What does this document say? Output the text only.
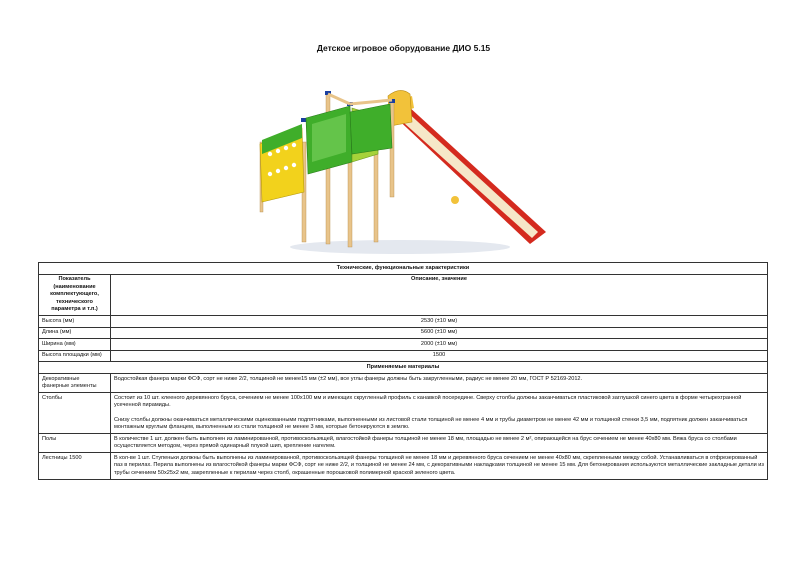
Детское игровое оборудование ДИО 5.15
Технические, функциональные характеристики	
Показатель (наименование комплектующего, технического параметра и т.п.)	Описание, значение
Высота (мм)	2530 (±10 мм)
Длина (мм)	5600 (±10 мм)
Ширина (мм)	2000 (±10 мм)
Высота площадки (мм)	1500
Применяемые материалы	
Декоративные фанерные элементы	Водостойкая фанера марки ФСФ, сорт не ниже 2/2, толщиной не менее15 мм (±2 мм), все углы фанеры должны быть закругленными, радиус не менее 20 мм, ГОСТ Р 52169-2012.
Столбы	Состоит из 10 шт. клееного деревянного бруса, сечением не менее 100х100 мм и имеющих скругленный профиль с канавкой посередине. Сверху столбы должны заканчиваться пластиковой заглушкой синего цвета в форме четырехгранной усеченной пирамиды.
Снизу столбы должны оканчиваться металлическими оцинкованными подпятниками, выполненными из листовой стали толщиной не менее 4 мм и трубы диаметром не менее 42 мм и толщиной стенки 3,5 мм, подпятник должен заканчиваться монтажным круглым фланцем, выполненным из стали толщиной не менее 3 мм, которые бетонируются в землю.
Полы	В количестве 1 шт. должен быть выполнен из ламинированной, противоскользящей, влагостойкой фанеры толщиной не менее 18 мм, площадью не менее 2 м², опирающейся на брус сечением не менее 40х80 мм. Вяжа бруса со столбами осуществляется методом, через прямой одинарный плукой шип, крепление нагелем.
Лестницы 1500	В кол-ве 1 шт. Ступеньки должны быть выполнены из ламинированной, противоскользящей фанеры толщиной не менее 18 мм и деревянного бруса сечением не менее 40х80 мм, скрепленными между собой. Устанавливаться в отфрезерованный паз в перилах. Перила выполнены из влагостойкой фанеры марки ФСФ, сорт не ниже 2/2, и толщиной не менее 24 мм, с декоративными накладками толщиной не менее 15 мм. Для бетонирования используются металлические закладные детали из трубы сечением 50х25х2 мм, закрепленные к перилам через столб, окрашенные порошковой полимерной краской зеленого цвета.
